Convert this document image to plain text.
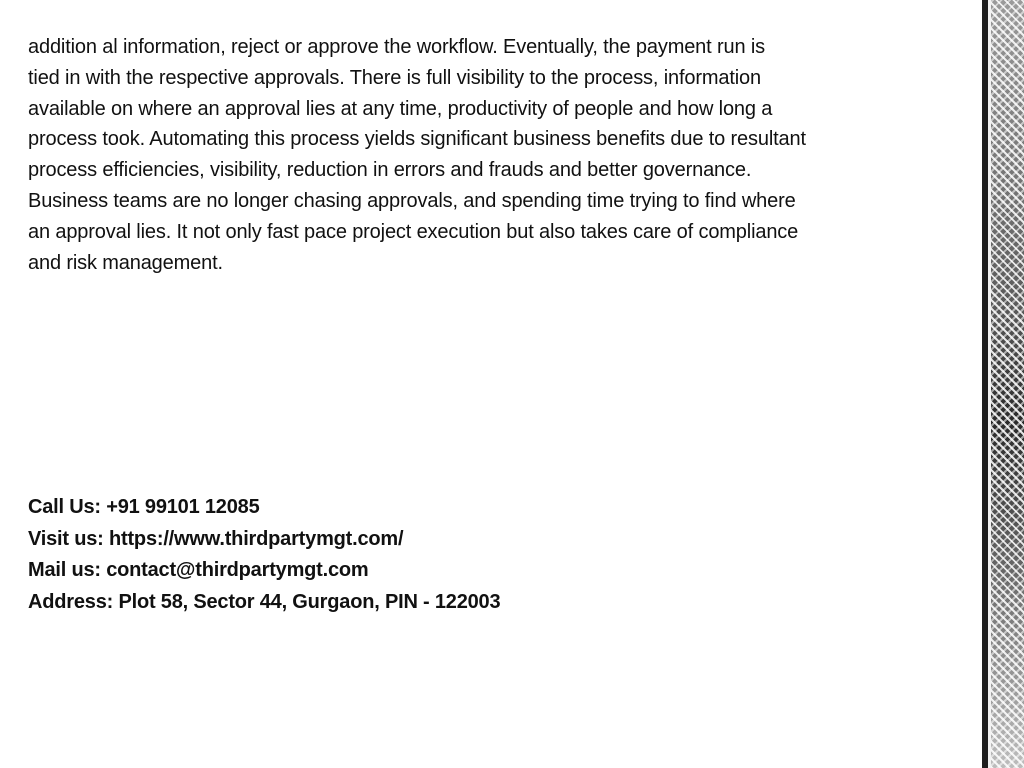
addition al information, reject or approve the workflow. Eventually, the payment run is
tied in with the respective approvals. There is full visibility to the process, information
available on where an approval lies at any time, productivity of people and how long a
process took. Automating this process yields significant business benefits due to resultant
process efficiencies, visibility, reduction in errors and frauds and better governance.
Business teams are no longer chasing approvals, and spending time trying to find where
an approval lies. It not only fast pace project execution but also takes care of compliance
and risk management.
Call Us: +91 99101 12085
Visit us: https://www.thirdpartymgt.com/
Mail us: contact@thirdpartymgt.com
Address: Plot 58, Sector 44, Gurgaon, PIN - 122003
